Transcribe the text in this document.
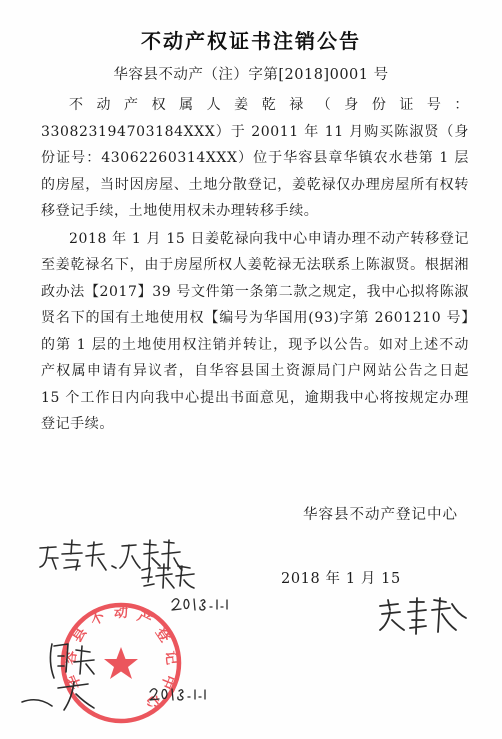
不动产权证书注销公告
华容县不动产（注）字第[2018]0001 号

不动产权属人姜乾禄（身份证号：330823194703184XXX）于 20011 年 11 月购买陈淑贤（身份证号：43062260314XXX）位于华容县章华镇农水巷第 1 层的房屋，当时因房屋、土地分散登记，姜乾禄仅办理房屋所有权转移登记手续，土地使用权未办理转移手续。

2018 年 1 月 15 日姜乾禄向我中心申请办理不动产转移登记至姜乾禄名下，由于房屋所权人姜乾禄无法联系上陈淑贤。根据湘政办法【2017】39 号文件第一条第二款之规定，我中心拟将陈淑贤名下的国有土地使用权【编号为华国用(93)字第 2601210 号】的第 1 层的土地使用权注销并转让，现予以公告。如对上述不动产权属申请有异议者，自华容县国土资源局门户网站公告之日起 15 个工作日内向我中心提出书面意见，逾期我中心将按规定办理登记手续。

华容县不动产登记中心
2018 年 1 月 15
华
容
县
不 动 产
登
记
中
心
